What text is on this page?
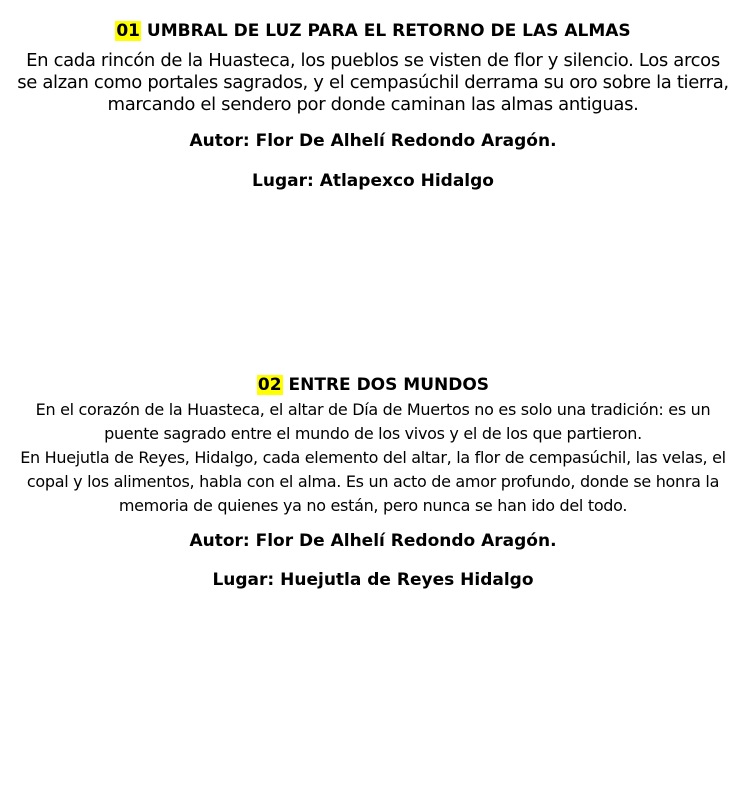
01 UMBRAL DE LUZ PARA EL RETORNO DE LAS ALMAS

En cada rincón de la Huasteca, los pueblos se visten de flor y silencio. Los arcos se alzan como portales sagrados, y el cempasúchil derrama su oro sobre la tierra, marcando el sendero por donde caminan las almas antiguas.

Autor: Flor De Alhelí Redondo Aragón.

Lugar: Atlapexco Hidalgo

02 ENTRE DOS MUNDOS

En el corazón de la Huasteca, el altar de Día de Muertos no es solo una tradición: es un puente sagrado entre el mundo de los vivos y el de los que partieron.
En Huejutla de Reyes, Hidalgo, cada elemento del altar, la flor de cempasúchil, las velas, el copal y los alimentos, habla con el alma. Es un acto de amor profundo, donde se honra la memoria de quienes ya no están, pero nunca se han ido del todo.

Autor: Flor De Alhelí Redondo Aragón.

Lugar: Huejutla de Reyes Hidalgo
